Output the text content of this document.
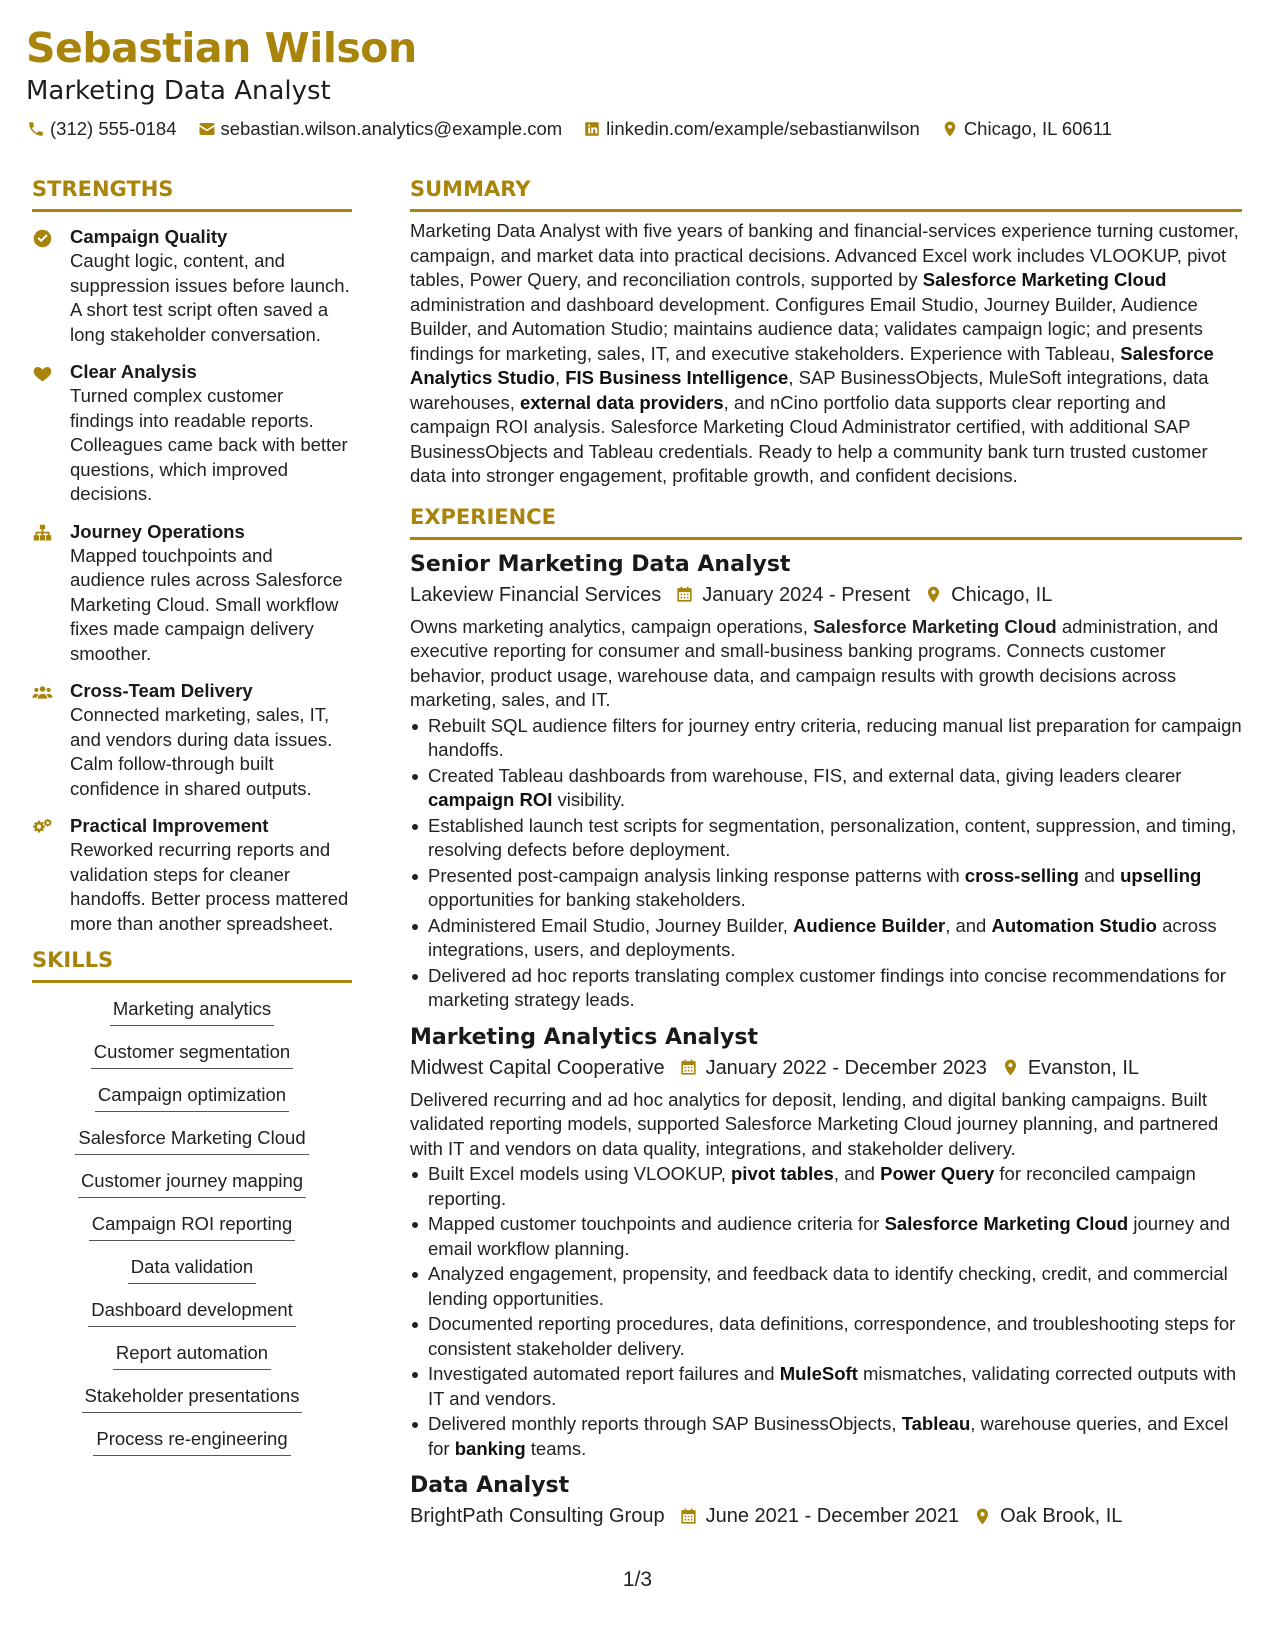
Sebastian Wilson
Marketing Data Analyst
(312) 555-0184 sebastian.wilson.analytics@example.com linkedin.com/example/sebastianwilson Chicago, IL 60611
STRENGTHS
Campaign Quality
Caught logic, content, and suppression issues before launch. A short test script often saved a long stakeholder conversation.
Clear Analysis
Turned complex customer findings into readable reports. Colleagues came back with better questions, which improved decisions.
Journey Operations
Mapped touchpoints and audience rules across Salesforce Marketing Cloud. Small workflow fixes made campaign delivery smoother.
Cross-Team Delivery
Connected marketing, sales, IT, and vendors during data issues. Calm follow-through built confidence in shared outputs.
Practical Improvement
Reworked recurring reports and validation steps for cleaner handoffs. Better process mattered more than another spreadsheet.
SKILLS
Marketing analytics
Customer segmentation
Campaign optimization
Salesforce Marketing Cloud
Customer journey mapping
Campaign ROI reporting
Data validation
Dashboard development
Report automation
Stakeholder presentations
Process re-engineering
SUMMARY
Marketing Data Analyst with five years of banking and financial-services experience turning customer, campaign, and market data into practical decisions. Advanced Excel work includes VLOOKUP, pivot tables, Power Query, and reconciliation controls, supported by Salesforce Marketing Cloud administration and dashboard development. Configures Email Studio, Journey Builder, Audience Builder, and Automation Studio; maintains audience data; validates campaign logic; and presents findings for marketing, sales, IT, and executive stakeholders. Experience with Tableau, Salesforce Analytics Studio, FIS Business Intelligence, SAP BusinessObjects, MuleSoft integrations, data warehouses, external data providers, and nCino portfolio data supports clear reporting and campaign ROI analysis. Salesforce Marketing Cloud Administrator certified, with additional SAP BusinessObjects and Tableau credentials. Ready to help a community bank turn trusted customer data into stronger engagement, profitable growth, and confident decisions.
EXPERIENCE
Senior Marketing Data Analyst
Lakeview Financial Services January 2024 - Present Chicago, IL
Owns marketing analytics, campaign operations, Salesforce Marketing Cloud administration, and executive reporting for consumer and small-business banking programs. Connects customer behavior, product usage, warehouse data, and campaign results with growth decisions across marketing, sales, and IT.
Rebuilt SQL audience filters for journey entry criteria, reducing manual list preparation for campaign handoffs.
Created Tableau dashboards from warehouse, FIS, and external data, giving leaders clearer campaign ROI visibility.
Established launch test scripts for segmentation, personalization, content, suppression, and timing, resolving defects before deployment.
Presented post-campaign analysis linking response patterns with cross-selling and upselling opportunities for banking stakeholders.
Administered Email Studio, Journey Builder, Audience Builder, and Automation Studio across integrations, users, and deployments.
Delivered ad hoc reports translating complex customer findings into concise recommendations for marketing strategy leads.
Marketing Analytics Analyst
Midwest Capital Cooperative January 2022 - December 2023 Evanston, IL
Delivered recurring and ad hoc analytics for deposit, lending, and digital banking campaigns. Built validated reporting models, supported Salesforce Marketing Cloud journey planning, and partnered with IT and vendors on data quality, integrations, and stakeholder delivery.
Built Excel models using VLOOKUP, pivot tables, and Power Query for reconciled campaign reporting.
Mapped customer touchpoints and audience criteria for Salesforce Marketing Cloud journey and email workflow planning.
Analyzed engagement, propensity, and feedback data to identify checking, credit, and commercial lending opportunities.
Documented reporting procedures, data definitions, correspondence, and troubleshooting steps for consistent stakeholder delivery.
Investigated automated report failures and MuleSoft mismatches, validating corrected outputs with IT and vendors.
Delivered monthly reports through SAP BusinessObjects, Tableau, warehouse queries, and Excel for banking teams.
Data Analyst
BrightPath Consulting Group June 2021 - December 2021 Oak Brook, IL
1/3
